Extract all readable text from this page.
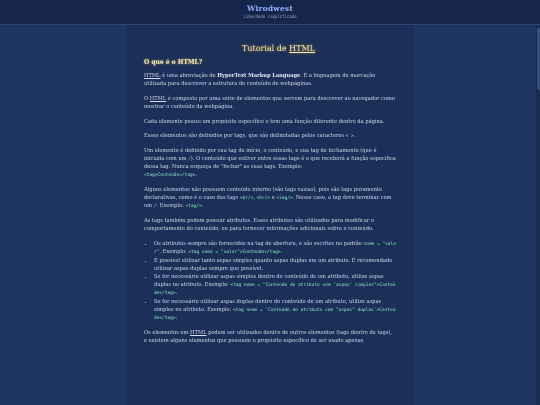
Wirodwest
Liberdade simplificada
Tutorial de HTML
O que é o HTML?

HTML é uma abreviação de HyperText Markup Language. É a linguagem de marcação utilizada para descrever a estrutura do conteúdo de webpáginas.

O HTML é composto por uma série de elementos que servem para descrever ao navegador como mostrar o conteúdo da webpágina.

Cada elemento possui um propósito específico e tem uma função diferente dentro da página.

Esses elementos são definidos por tags, que são delimitadas pelos caracteres < >.

Um elemento é definido por sua tag de início, o conteúdo, e sua tag de fechamento (que é iniciada com um /). O conteúdo que estiver entre essas tags é o que receberá a função específica dessa tag. Nunca esqueça de "fechar" as suas tags. Exemplo:
<tag>Conteúdo</tag>.

Alguns elementos não possuem conteúdo interno (são tags vazias), pois são tags puramente declarativas, como é o caso das tags <br/>, <hr/> e <img/>. Nesse caso, a tag deve terminar com um /. Exemplo: <tag/>.

As tags também podem possuir atributos. Esses atributos são utilizados para modificar o comportamento do conteúdo, ou para fornecer informações adicionais sobre o conteúdo.

• Os atributos sempre são fornecidos na tag de abertura, e são escritos no padrão nome = "valor". Exemplo: <tag nome = "valor">Conteúdo</tag>.
• É possível utilizar tanto aspas simples quanto aspas duplas em um atributo. É recomendado utilizar aspas duplas sempre que possível.
• Se for necessário utilizar aspas simples dentro do conteúdo de um atributo, utilize aspas duplas no atributo. Exemplo: <tag nome = "Conteúdo do atributo com 'aspas' simples">Conteúdo</tag>.
• Se for necessário utilizar aspas duplas dentro do conteúdo de um atributo, utilize aspas simples no atributo. Exemplo: <tag nome = 'Conteúdo do atributo com "aspas" duplas'>Conteúdo</tag>.

Os elementos em HTML podem ser utilizados dentro de outros elementos (tags dentro de tags), e existem alguns elementos que possuem o propósito específico de ser usado apenas
